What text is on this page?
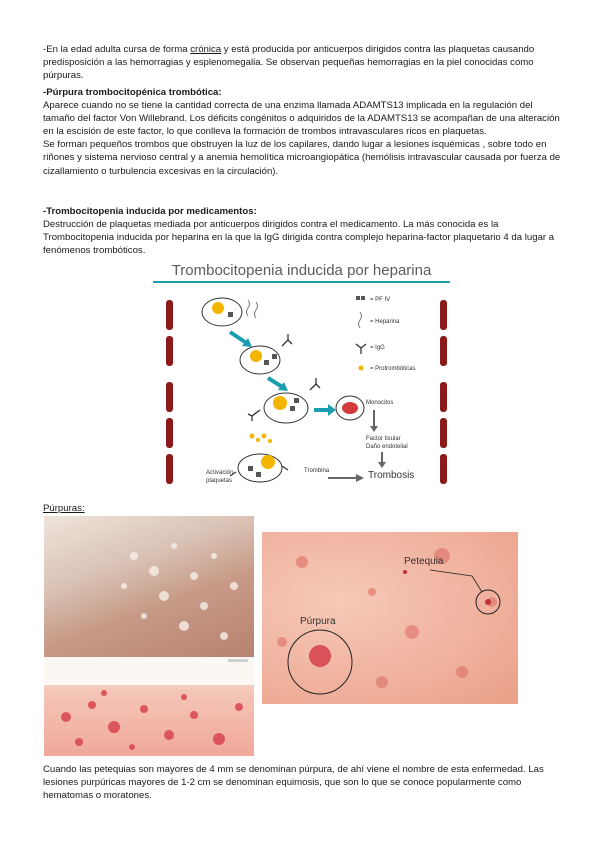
-En la edad adulta cursa de forma crónica y está producida por anticuerpos dirigidos contra las plaquetas causando predisposición a las hemorragias y esplenomegalia. Se observan pequeñas hemorragias en la piel conocidas como púrpuras.

-Púrpura trombocitopénica trombótica:

Aparece cuando no se tiene la cantidad correcta de una enzima llamada ADAMTS13 implicada en la regulación del tamaño del factor Von Willebrand. Los déficits congénitos o adquiridos de la ADAMTS13 se acompañan de una alteración en la escisión de este factor, lo que conlleva la formación de trombos intravasculares ricos en plaquetas.

Se forman pequeños trombos que obstruyen la luz de los capilares, dando lugar a lesiones isquémicas , sobre todo en riñones y sistema nervioso central y a anemia hemolítica microangiopática (hemólisis intravascular causada por fuerza de cizallamiento o turbulencia excesivas en la circulación).

-Trombocitopenia inducida por medicamentos:

Destrucción de plaquetas mediada por anticuerpos dirigidos contra el medicamento. La más conocida es la Trombocitopenia inducida por heparina en la que la IgG dirigida contra complejo heparina-factor plaquetario 4 da lugar a fenómenos trombóticos.

Trombocitopenia inducida por heparina
Monocitos
Factor tisular
Daño endotelial
Trombosis
Activación
plaquetas
Trombina
= PF IV
= Heparina
= IgG
= Protrombóticas

Púrpuras:

Petequia
Púrpura

Cuando las petequias son mayores de 4 mm se denominan púrpura, de ahí viene el nombre de esta enfermedad. Las lesiones purpúricas mayores de 1-2 cm se denominan equimosis, que son lo que se conoce popularmente como hematomas o moratones.
